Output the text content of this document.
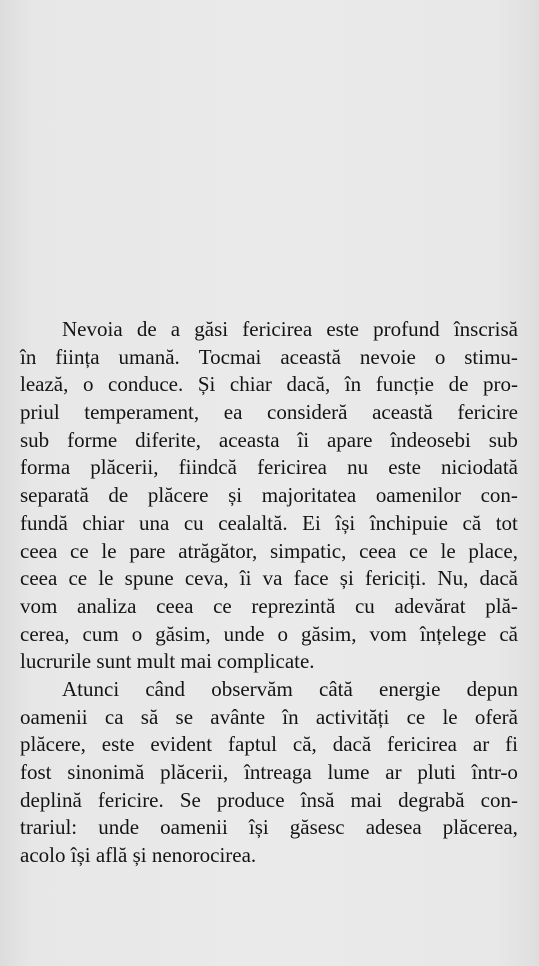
Nevoia de a găsi fericirea este profund înscrisă
în ființa umană. Tocmai această nevoie o stimu-
lează, o conduce. Și chiar dacă, în funcție de pro-
priul temperament, ea consideră această fericire
sub forme diferite, aceasta îi apare îndeosebi sub
forma plăcerii, fiindcă fericirea nu este niciodată
separată de plăcere și majoritatea oamenilor con-
fundă chiar una cu cealaltă. Ei își închipuie că tot
ceea ce le pare atrăgător, simpatic, ceea ce le place,
ceea ce le spune ceva, îi va face și fericiți. Nu, dacă
vom analiza ceea ce reprezintă cu adevărat plă-
cerea, cum o găsim, unde o găsim, vom înțelege că
lucrurile sunt mult mai complicate.
Atunci când observăm câtă energie depun
oamenii ca să se avânte în activități ce le oferă
plăcere, este evident faptul că, dacă fericirea ar fi
fost sinonimă plăcerii, întreaga lume ar pluti într-o
deplină fericire. Se produce însă mai degrabă con-
trariul: unde oamenii își găsesc adesea plăcerea,
acolo își află și nenorocirea.
